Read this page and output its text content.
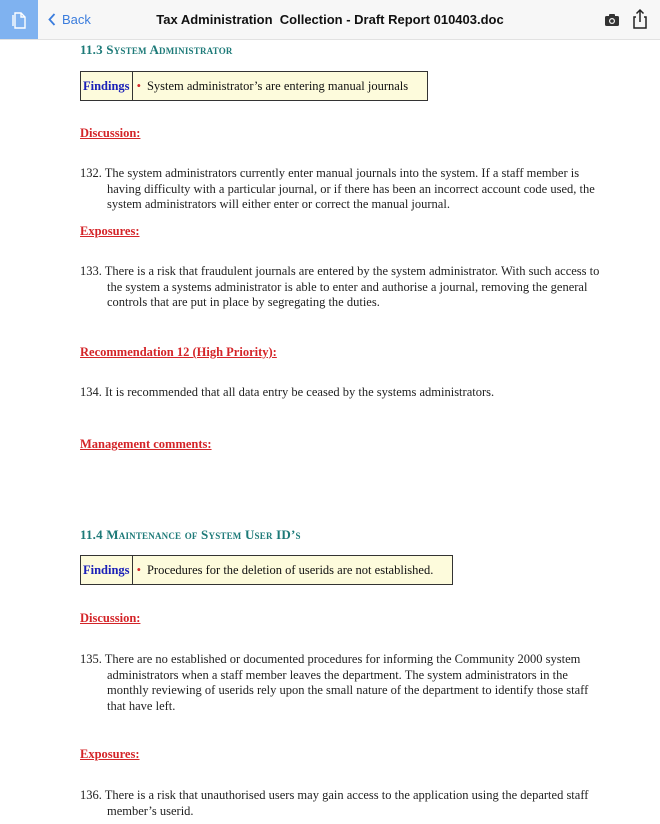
Back	Tax Administration  Collection - Draft Report 010403.doc
11.3 System Administrator
Findings • System administrator’s are entering manual journals
Discussion:
132. The system administrators currently enter manual journals into the system. If a staff member is having difficulty with a particular journal, or if there has been an incorrect account code used, the system administrators will either enter or correct the manual journal.
Exposures:
133. There is a risk that fraudulent journals are entered by the system administrator. With such access to the system a systems administrator is able to enter and authorise a journal, removing the general controls that are put in place by segregating the duties.
Recommendation 12 (High Priority):
134. It is recommended that all data entry be ceased by the systems administrators.
Management comments:
11.4 Maintenance of System User ID’s
Findings • Procedures for the deletion of userids are not established.
Discussion:
135. There are no established or documented procedures for informing the Community 2000 system administrators when a staff member leaves the department. The system administrators in the monthly reviewing of userids rely upon the small nature of the department to identify those staff that have left.
Exposures:
136. There is a risk that unauthorised users may gain access to the application using the departed staff member’s userid.
